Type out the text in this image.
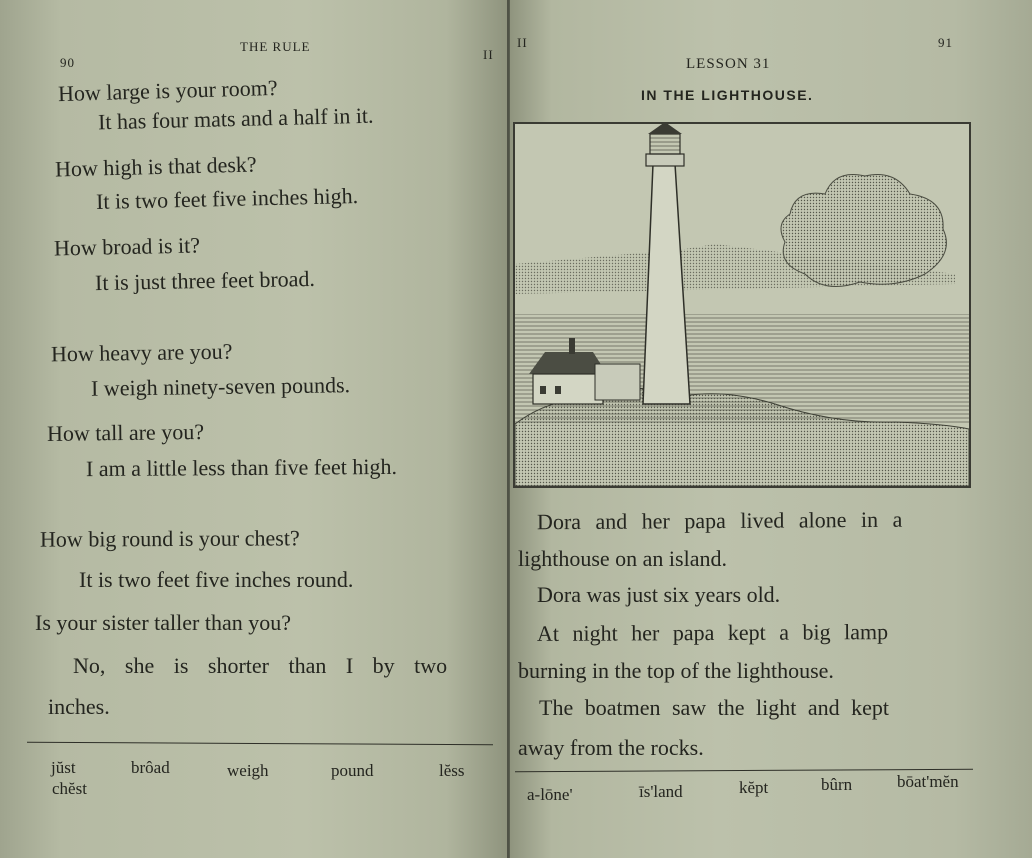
90
THE RULE
II
How large is your room?
It has four mats and a half in it.
How high is that desk?
It is two feet five inches high.
How broad is it?
It is just three feet broad.
How heavy are you?
I weigh ninety-seven pounds.
How tall are you?
I am a little less than five feet high.
How big round is your chest?
It is two feet five inches round.
Is your sister taller than you?
No, she is shorter than I by two
inches.
jŭst	brôad	weigh	pound	lĕss
chĕst
II	91
LESSON 31
IN THE LIGHTHOUSE.
Dora and her papa lived alone in a
lighthouse on an island.
Dora was just six years old.
At night her papa kept a big lamp
burning in the top of the lighthouse.
The boatmen saw the light and kept
away from the rocks.
a-lōne'	īs'land	kĕpt	bûrn	bōat'mĕn
